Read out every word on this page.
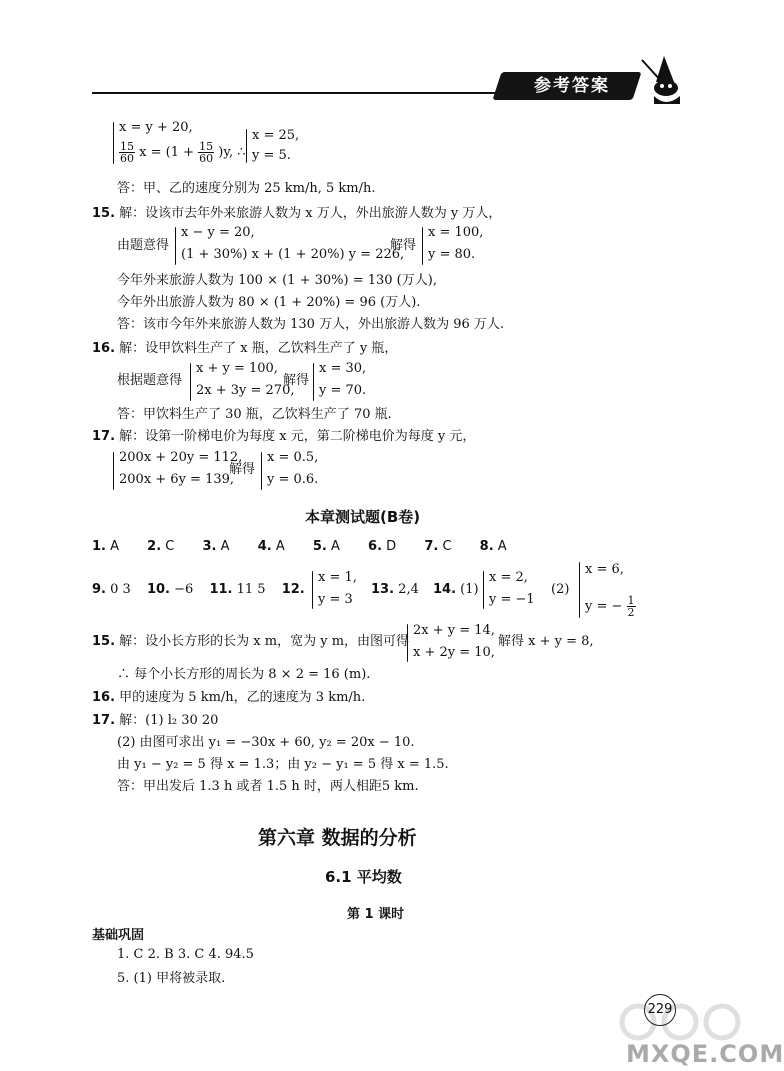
参考答案
x = y + 20,
$\frac{15}{60}$ $x = (1 + \frac{15}{60} )y$, ∴
x = 25,
y = 5.
答：甲、乙的速度分别为 25 km/h, 5 km/h.
15. 解：设该市去年外来旅游人数为 x 万人，外出旅游人数为 y 万人，
由题意得
x − y = 20,
(1 + 30%) x + (1 + 20%) y = 226,
解得
x = 100,
y = 80.
今年外来旅游人数为 100 × (1 + 30%) = 130 (万人),
今年外出旅游人数为 80 × (1 + 20%) = 96 (万人).
答：该市今年外来旅游人数为 130 万人，外出旅游人数为 96 万人.
16. 解：设甲饮料生产了 x 瓶，乙饮料生产了 y 瓶，
根据题意得
x + y = 100,
2x + 3y = 270,
解得
x = 30,
y = 70.
答：甲饮料生产了 30 瓶，乙饮料生产了 70 瓶.
17. 解：设第一阶梯电价为每度 x 元，第二阶梯电价为每度 y 元，
200x + 20y = 112,
200x + 6y = 139,
解得
x = 0.5,
y = 0.6.
本章测试题(B卷)
1. A 2. C 3. A 4. A 5. A 6. D 7. C 8. A
9. 0 3 10. −6 11. 11 5 12.
x = 1,
y = 3
13. 2,4 14. (1)
x = 2,
y = −1
(2)
x = 6,
y = − $\frac{1}{2}$
15. 解：设小长方形的长为 x m，宽为 y m，由图可得
2x + y = 14,
x + 2y = 10,
解得 x + y = 8,
∴ 每个小长方形的周长为 8 × 2 = 16 (m).
16. 甲的速度为 5 km/h，乙的速度为 3 km/h.
17. 解：(1) l₂ 30 20
(2) 由图可求出 y₁ = −30x + 60, y₂ = 20x − 10.
由 y₁ − y₂ = 5 得 x = 1.3；由 y₂ − y₁ = 5 得 x = 1.5.
答：甲出发后 1.3 h 或者 1.5 h 时，两人相距5 km.
第六章 数据的分析
6.1 平均数
第 1 课时
基础巩固
1. C 2. B 3. C 4. 94.5
5. (1) 甲将被录取.
MXQE.COM
229
